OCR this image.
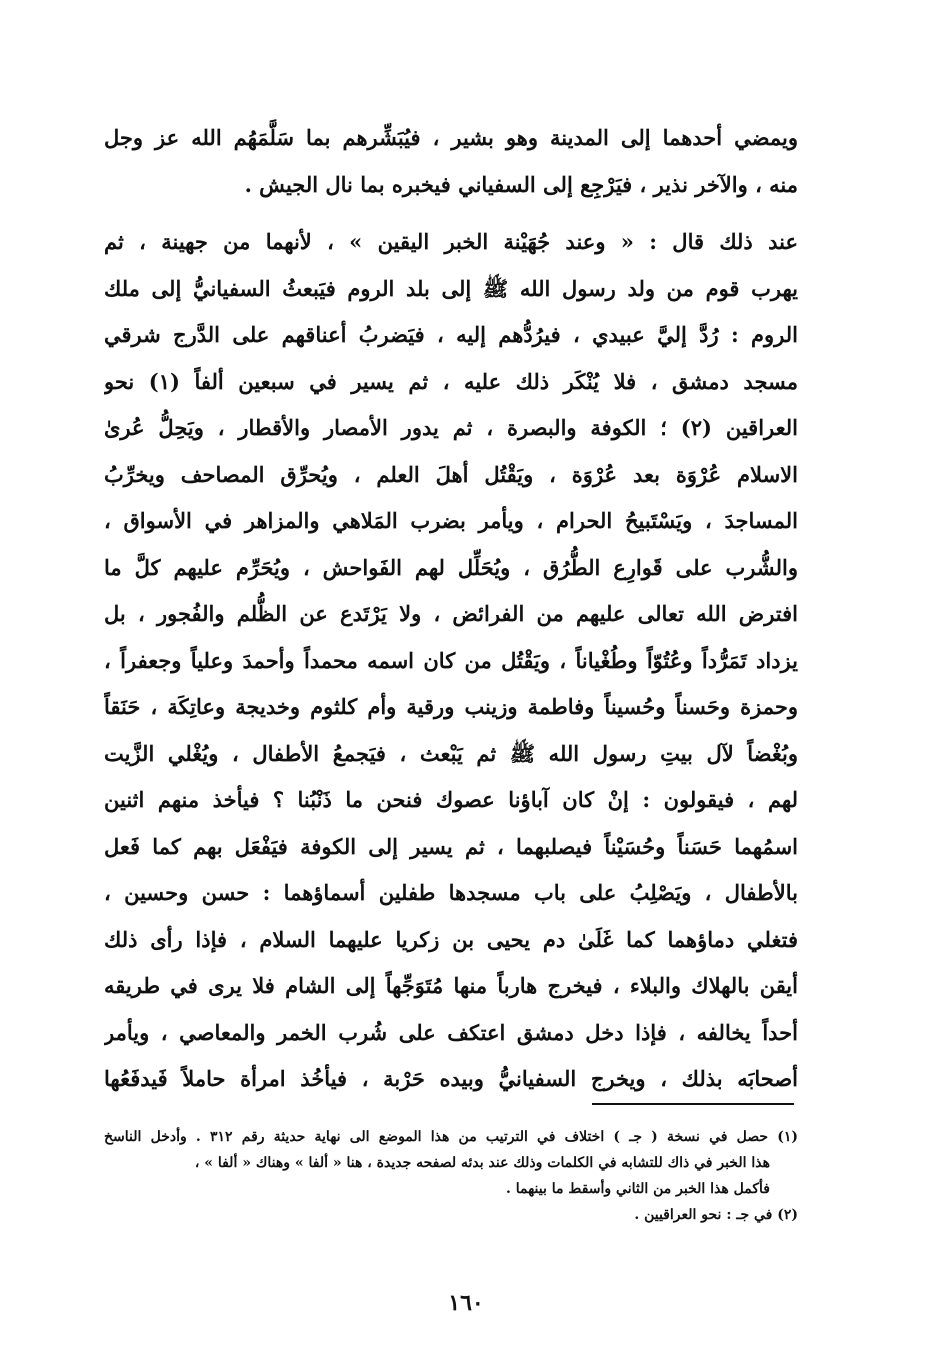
ويمضي أحدهما إلى المدينة وهو بشير ، فيُبَشِّرهم بما سَلَّمَهُم الله عز وجل
منه ، والآخر نذير ، فيَرْجِع إلى السفياني فيخبره بما نال الجيش .
عند ذلك قال : « وعند جُهَيْنة الخبر اليقين » ، لأنهما من جهينة ، ثم
يهرب قوم من ولد رسول الله ﷺ إلى بلد الروم فيَبعثُ السفيانيُّ إلى ملك
الروم : رُدَّ إليَّ عبيدي ، فيرُدُّهم إليه ، فيَضربُ أعناقهم على الدَّرج شرقي
مسجد دمشق ، فلا يُنْكَر ذلك عليه ، ثم يسير في سبعين ألفاً (١) نحو
العراقين (٢) ؛ الكوفة والبصرة ، ثم يدور الأمصار والأقطار ، ويَحِلُّ عُرىٰ
الاسلام عُرْوَة بعد عُرْوَة ، ويَقْتُل أهلَ العلم ، ويُحرِّق المصاحف ويخرِّبُ
المساجدَ ، ويَسْتَبيحُ الحرام ، ويأمر بضرب المَلاهي والمزاهر في الأسواق ،
والشُّرب على قَوارِع الطُّرُق ، ويُحَلِّل لهم الفَواحش ، ويُحَرِّم عليهم كلَّ ما
افترض الله تعالى عليهم من الفرائض ، ولا يَرْتَدع عن الظُّلم والفُجور ، بل
يزداد تَمَرُّداً وعُتُوّاً وطُغْياناً ، ويَقْتُل من كان اسمه محمداً وأحمدَ وعلياً وجعفراً ،
وحمزة وحَسناً وحُسيناً وفاطمة وزينب ورقية وأم كلثوم وخديجة وعاتِكَة ، حَنَقاً
وبُغْضاً لآل بيتِ رسول الله ﷺ ثم يَبْعث ، فيَجمعُ الأطفال ، ويُغْلي الزَّيت
لهم ، فيقولون : إنْ كان آباؤنا عصوك فنحن ما ذَنْبُنا ؟ فيأخذ منهم اثنين
اسمُهما حَسَناً وحُسَيْناً فيصلبهما ، ثم يسير إلى الكوفة فيَفْعَل بهم كما فَعل
بالأطفال ، ويَصْلِبُ على باب مسجدها طفلين أسماؤهما : حسن وحسين ،
فتغلي دماؤهما كما غَلَىٰ دم يحيى بن زكريا عليهما السلام ، فإذا رأى ذلك
أيقن بالهلاك والبلاء ، فيخرج هارباً منها مُتَوَجِّهاً إلى الشام فلا يرى في طريقه
أحداً يخالفه ، فإذا دخل دمشق اعتكف على شُرب الخمر والمعاصي ، ويأمر
أصحابَه بذلك ، ويخرج السفيانيُّ وبيده حَرْبة ، فيأخُذ امرأة حاملاً فَيدفَعُها
(١) حصل في نسخة ( جـ ) اختلاف في الترتيب من هذا الموضع الى نهاية حديثة رقم ٣١٢ . وأدخل الناسخ
هذا الخبر في ذاك للتشابه في الكلمات وذلك عند بدئه لصفحه جديدة ، هنا « ألفا » وهناك « ألفا » ،
فأكمل هذا الخبر من الثاني وأسقط ما بينهما .
(٢) في جـ : نحو العراقيين .
١٦٠
